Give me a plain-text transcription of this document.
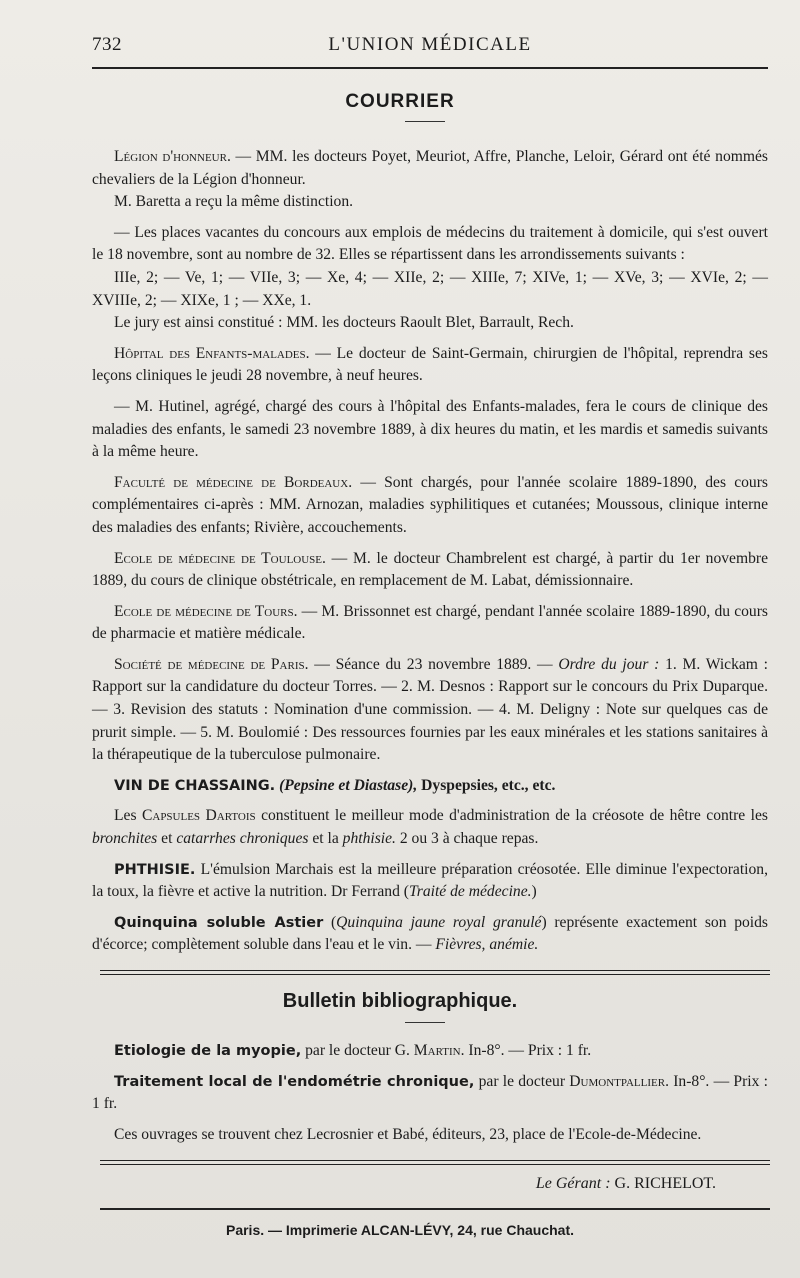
732	L'UNION MÉDICALE
COURRIER

Légion d'honneur. — MM. les docteurs Poyet, Meuriot, Affre, Planche, Leloir, Gérard ont été nommés chevaliers de la Légion d'honneur.

M. Baretta a reçu la même distinction.

— Les places vacantes du concours aux emplois de médecins du traitement à domicile, qui s'est ouvert le 18 novembre, sont au nombre de 32. Elles se répartissent dans les arrondissements suivants :

IIIe, 2; — Ve, 1; — VIIe, 3; — Xe, 4; — XIIe, 2; — XIIIe, 7; XIVe, 1; — XVe, 3; — XVIe, 2; — XVIIIe, 2; — XIXe, 1 ; — XXe, 1.

Le jury est ainsi constitué : MM. les docteurs Raoult Blet, Barrault, Rech.

Hôpital des Enfants-malades. — Le docteur de Saint-Germain, chirurgien de l'hôpital, reprendra ses leçons cliniques le jeudi 28 novembre, à neuf heures.

— M. Hutinel, agrégé, chargé des cours à l'hôpital des Enfants-malades, fera le cours de clinique des maladies des enfants, le samedi 23 novembre 1889, à dix heures du matin, et les mardis et samedis suivants à la même heure.

Faculté de médecine de Bordeaux. — Sont chargés, pour l'année scolaire 1889-1890, des cours complémentaires ci-après : MM. Arnozan, maladies syphilitiques et cutanées; Moussous, clinique interne des maladies des enfants; Rivière, accouchements.

Ecole de médecine de Toulouse. — M. le docteur Chambrelent est chargé, à partir du 1er novembre 1889, du cours de clinique obstétricale, en remplacement de M. Labat, démissionnaire.

Ecole de médecine de Tours. — M. Brissonnet est chargé, pendant l'année scolaire 1889-1890, du cours de pharmacie et matière médicale.

Société de médecine de Paris. — Séance du 23 novembre 1889. — Ordre du jour : 1. M. Wickam : Rapport sur la candidature du docteur Torres. — 2. M. Desnos : Rapport sur le concours du Prix Duparque. — 3. Revision des statuts : Nomination d'une commission. — 4. M. Deligny : Note sur quelques cas de prurit simple. — 5. M. Boulomié : Des ressources fournies par les eaux minérales et les stations sanitaires à la thérapeutique de la tuberculose pulmonaire.

VIN DE CHASSAING. (Pepsine et Diastase), Dyspepsies, etc., etc.

Les Capsules Dartois constituent le meilleur mode d'administration de la créosote de hêtre contre les bronchites et catarrhes chroniques et la phthisie. 2 ou 3 à chaque repas.

PHTHISIE. L'émulsion Marchais est la meilleure préparation créosotée. Elle diminue l'expectoration, la toux, la fièvre et active la nutrition. Dr Ferrand (Traité de médecine.)

Quinquina soluble Astier (Quinquina jaune royal granulé) représente exactement son poids d'écorce; complètement soluble dans l'eau et le vin. — Fièvres, anémie.

Bulletin bibliographique.

Etiologie de la myopie, par le docteur G. Martin. In-8°. — Prix : 1 fr.

Traitement local de l'endométrie chronique, par le docteur Dumontpallier. In-8°. — Prix : 1 fr.

Ces ouvrages se trouvent chez Lecrosnier et Babé, éditeurs, 23, place de l'Ecole-de-Médecine.

Le Gérant : G. RICHELOT.
Paris. — Imprimerie ALCAN-LÉVY, 24, rue Chauchat.
